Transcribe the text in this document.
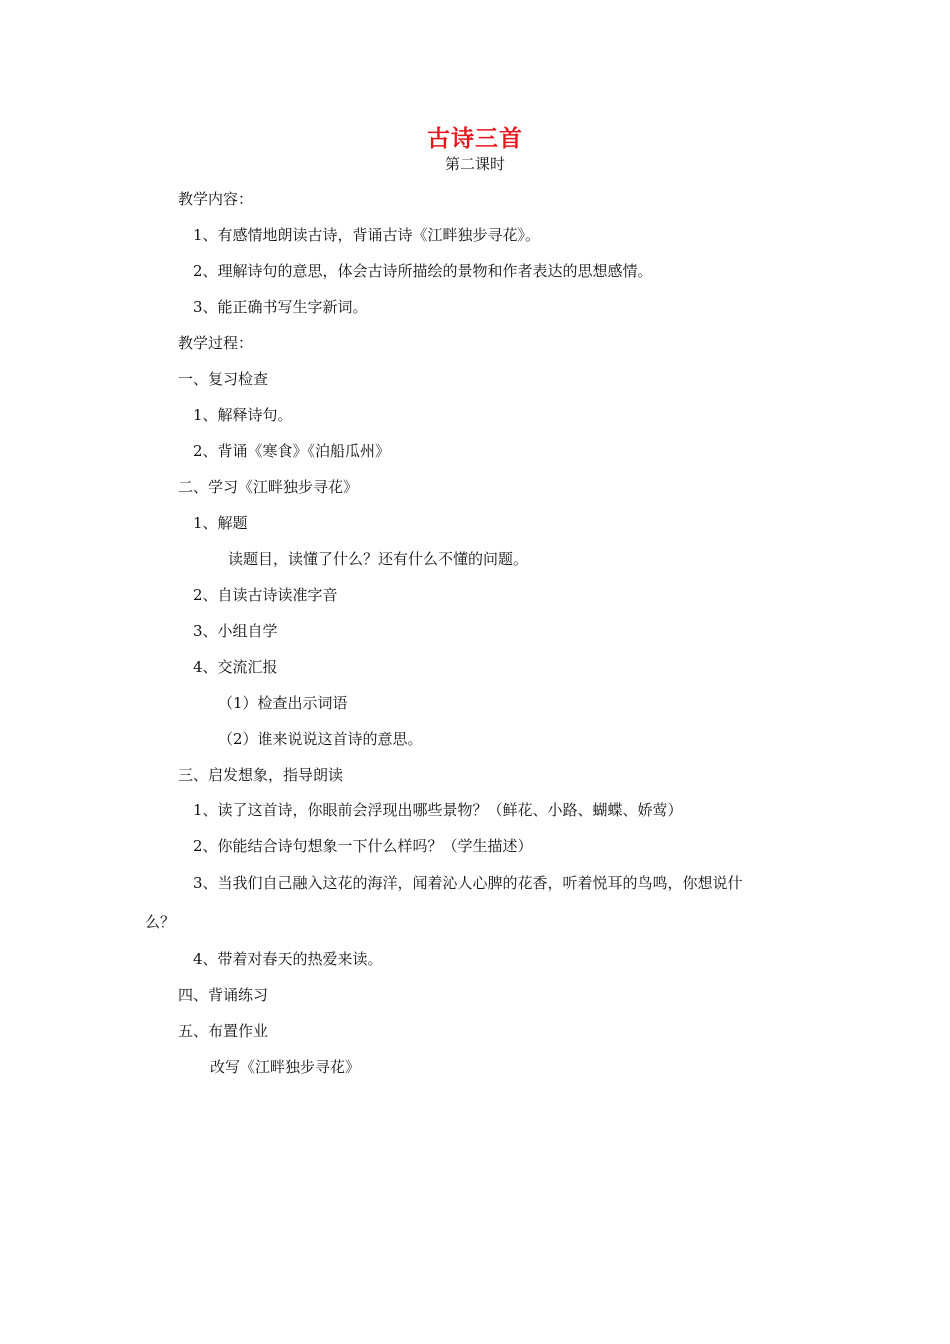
古诗三首
第二课时
教学内容：
1、有感情地朗读古诗，背诵古诗《江畔独步寻花》。
2、理解诗句的意思，体会古诗所描绘的景物和作者表达的思想感情。
3、能正确书写生字新词。
教学过程：
一、复习检查
1、解释诗句。
2、背诵《寒食》《泊船瓜州》
二、学习《江畔独步寻花》
1、解题
读题目，读懂了什么？还有什么不懂的问题。
2、自读古诗读准字音
3、小组自学
4、交流汇报
（1）检查出示词语
（2）谁来说说这首诗的意思。
三、启发想象，指导朗读
1、读了这首诗，你眼前会浮现出哪些景物？（鲜花、小路、蝴蝶、娇莺）
2、你能结合诗句想象一下什么样吗？（学生描述）
3、当我们自己融入这花的海洋，闻着沁人心脾的花香，听着悦耳的鸟鸣，你想说什
么？
4、带着对春天的热爱来读。
四、背诵练习
五、布置作业
改写《江畔独步寻花》
